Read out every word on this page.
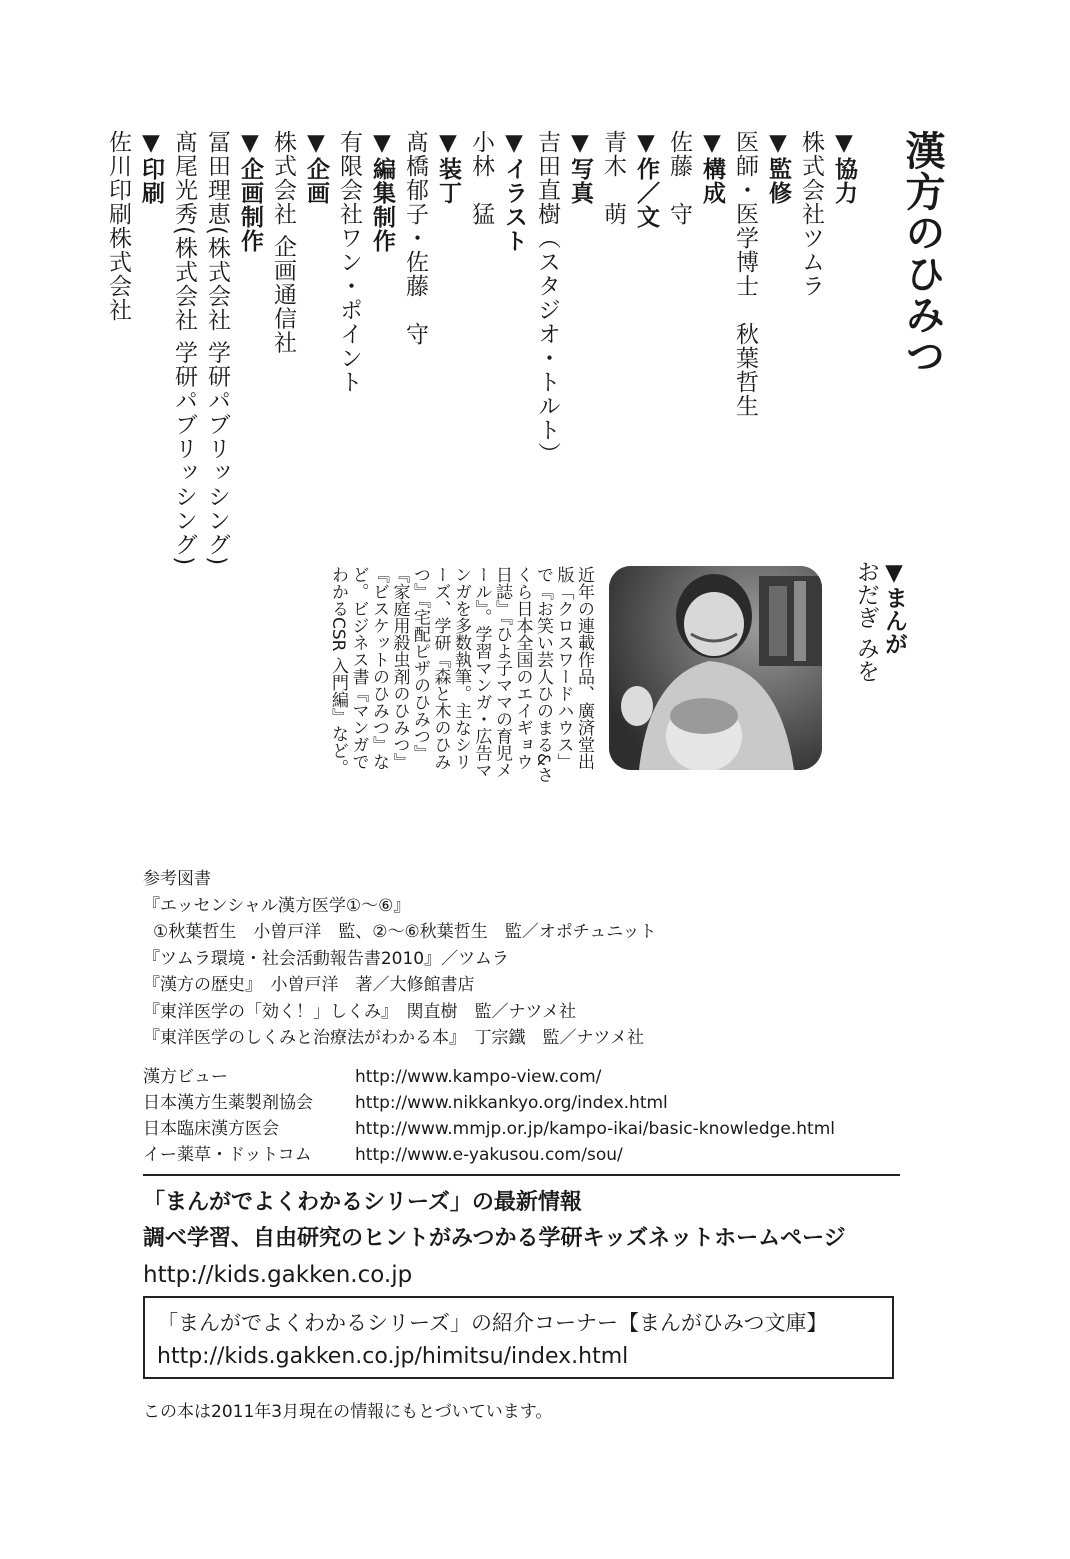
漢方のひみつ
▼協力
株式会社ツムラ
▼監修
医師・医学博士　秋葉哲生
▼構成
佐藤　守
▼作／文
青木　萌
▼写真
吉田直樹（スタジオ・トルト）
▼イラスト
小林　猛
▼装丁
髙橋郁子・佐藤　守
▼編集制作
有限会社ワン・ポイント
▼企画
株式会社 企画通信社
▼企画制作
冨田理恵(株式会社 学研パブリッシング)
髙尾光秀(株式会社 学研パブリッシング)
▼印刷
佐川印刷株式会社
▼まんが
おだぎ みを
近年の連載作品、廣済堂出版「クロスワードハウス」で『お笑い芸人ひのまる&さくら日本全国のエイギョウ日誌』『ひよ子ママの育児メール』。学習マンガ・広告マンガを多数執筆。主なシリーズ、学研『森と木のひみつ』『宅配ピザのひみつ』『家庭用殺虫剤のひみつ』『ビスケットのひみつ』など。ビジネス書『マンガでわかるCSR 入門編』など。
参考図書
『エッセンシャル漢方医学①〜⑥』
①秋葉哲生　小曽戸洋　監、②〜⑥秋葉哲生　監／オポチュニット
『ツムラ環境・社会活動報告書2010』／ツムラ
『漢方の歴史』　小曽戸洋　著／大修館書店
『東洋医学の「効く！」しくみ』　関直樹　監／ナツメ社
『東洋医学のしくみと治療法がわかる本』　丁宗鐵　監／ナツメ社
漢方ビュー	http://www.kampo-view.com/
日本漢方生薬製剤協会	http://www.nikkankyo.org/index.html
日本臨床漢方医会	http://www.mmjp.or.jp/kampo-ikai/basic-knowledge.html
イー薬草・ドットコム	http://www.e-yakusou.com/sou/
「まんがでよくわかるシリーズ」の最新情報
調べ学習、自由研究のヒントがみつかる学研キッズネットホームページ
http://kids.gakken.co.jp
「まんがでよくわかるシリーズ」の紹介コーナー【まんがひみつ文庫】
http://kids.gakken.co.jp/himitsu/index.html
この本は2011年3月現在の情報にもとづいています。
